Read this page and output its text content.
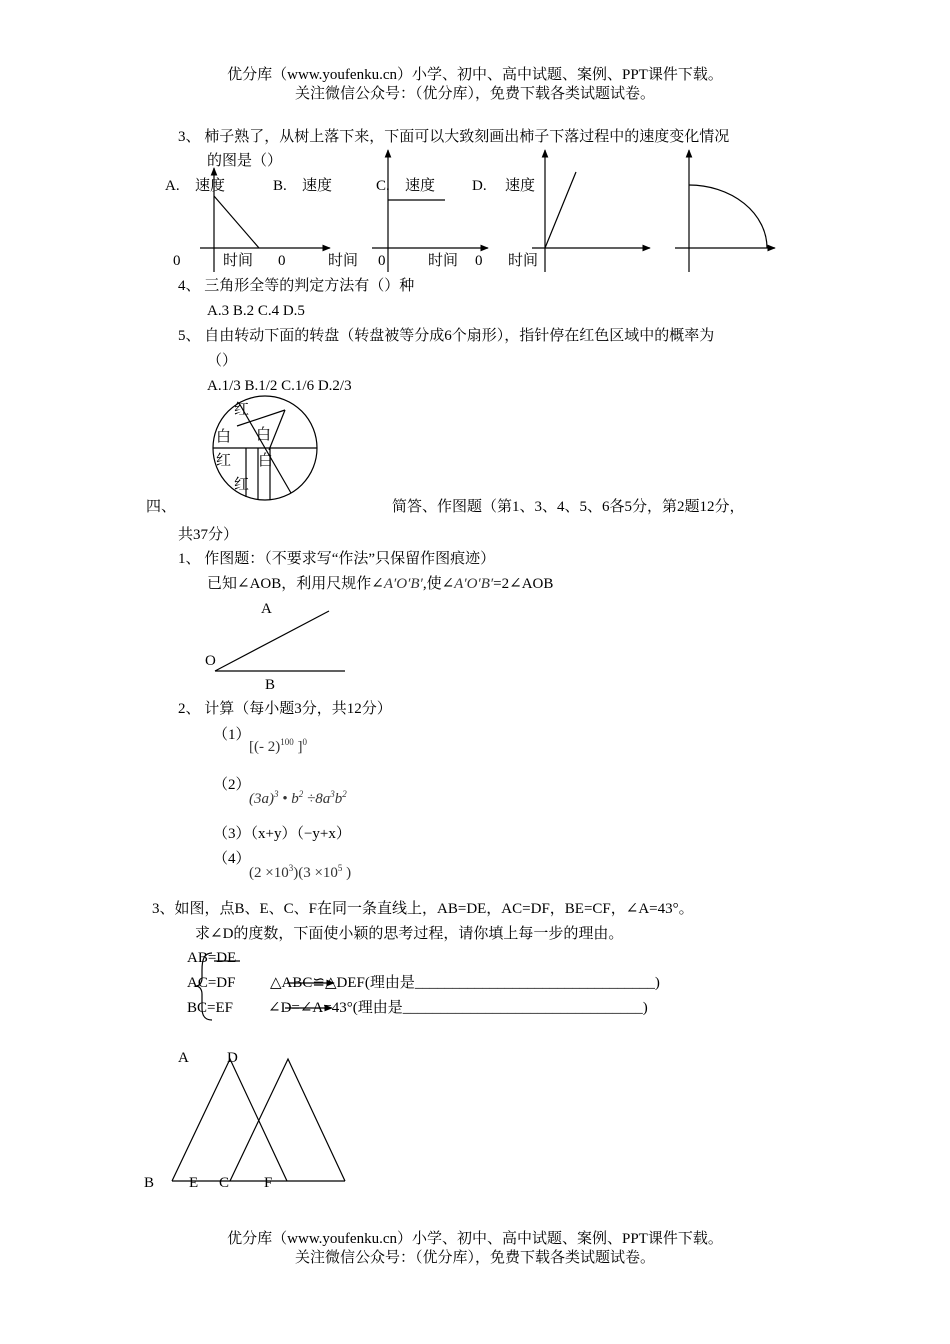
优分库（www.youfenku.cn）小学、初中、高中试题、案例、PPT课件下载。
关注微信公众号：（优分库），免费下载各类试题试卷。
3、 柿子熟了，从树上落下来，下面可以大致刻画出柿子下落过程中的速度变化情况
的图是（）
A. 速度	B. 速度	C. 速度 D. 速度
0	时间 0	时间 0	时间 0 时间
4、 三角形全等的判定方法有（）种
A.3 B.2 C.4 D.5
5、 自由转动下面的转盘（转盘被等分成6个扇形），指针停在红色区域中的概率为
（）
A.1/3 B.1/2 C.1/6 D.2/3
红
白 白
红 白
红
四、	简答、作图题（第1、3、4、5、6各5分，第2题12分，
共37分）
1、 作图题：（不要求写“作法”只保留作图痕迹）
已知∠AOB，利用尺规作∠A′O′B′,使∠A′O′B′=2∠AOB
A
O
B
2、 计算（每小题3分，共12分）
（1）
[(- 2)$^{100}$ ]$^0$
（2）
$(3a)^3$ • $b^2 \div 8a^3b^2$
（3）（x+y）（−y+x）
（4）
$(2 \times 10^3)(3 \times 10^5$ )
3、如图，点B、E、C、F在同一条直线上，AB=DE，AC=DF，BE=CF，∠A=43°。
求∠D的度数，下面使小颖的思考过程，请你填上每一步的理由。
AB=DE
AC=DF
BC=EF
△ABC≌△DEF(理由是________________________________)
∠D=∠A=43°(理由是________________________________)
A	D
B E C F
优分库（www.youfenku.cn）小学、初中、高中试题、案例、PPT课件下载。
关注微信公众号：（优分库），免费下载各类试题试卷。
